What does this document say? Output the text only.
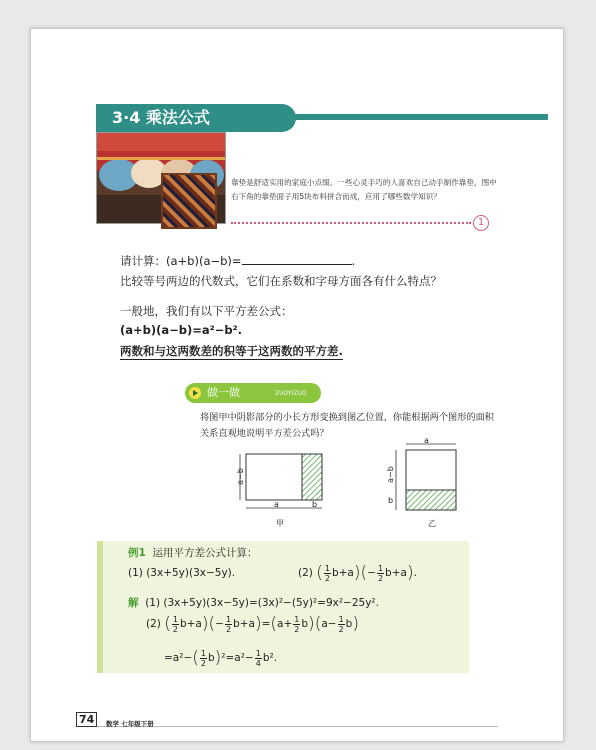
3·4 乘法公式
靠垫是舒适实用的家庭小点缀。一些心灵手巧的人喜欢自己动手制作靠垫，图中右下角的靠垫面子用5块布料拼合而成，应用了哪些数学知识？
1
请计算：(a+b)(a−b)=	.
比较等号两边的代数式，它们在系数和字母方面各有什么特点？
一般地，我们有以下平方差公式：
(a+b)(a−b)=a²−b².
两数和与这两数差的积等于这两数的平方差.
做一做	ZUOYIZUO
将图甲中阴影部分的小长方形变换到图乙位置，你能根据两个图形的面积关系直观地说明平方差公式吗？
a−b
a	b
甲
a
a−b
b
乙
例1 运用平方差公式计算：
(1) (3x+5y)(3x−5y).	(2) ( $\frac{1}{2} b+a)(- \frac{1}{2} b+a)$.
解 (1) (3x+5y)(3x−5y)=(3x)²−(5y)²=9x²−25y².
(2) ( $\frac{1}{2} b+a)(- \frac{1}{2} b+a)=(a+ \frac{1}{2} b)(a- \frac{1}{2} b)$
$=a^2-( \frac{1}{2} b)^2=a^2- \frac{1}{4} b^2$.
74	数学 七年级下册
